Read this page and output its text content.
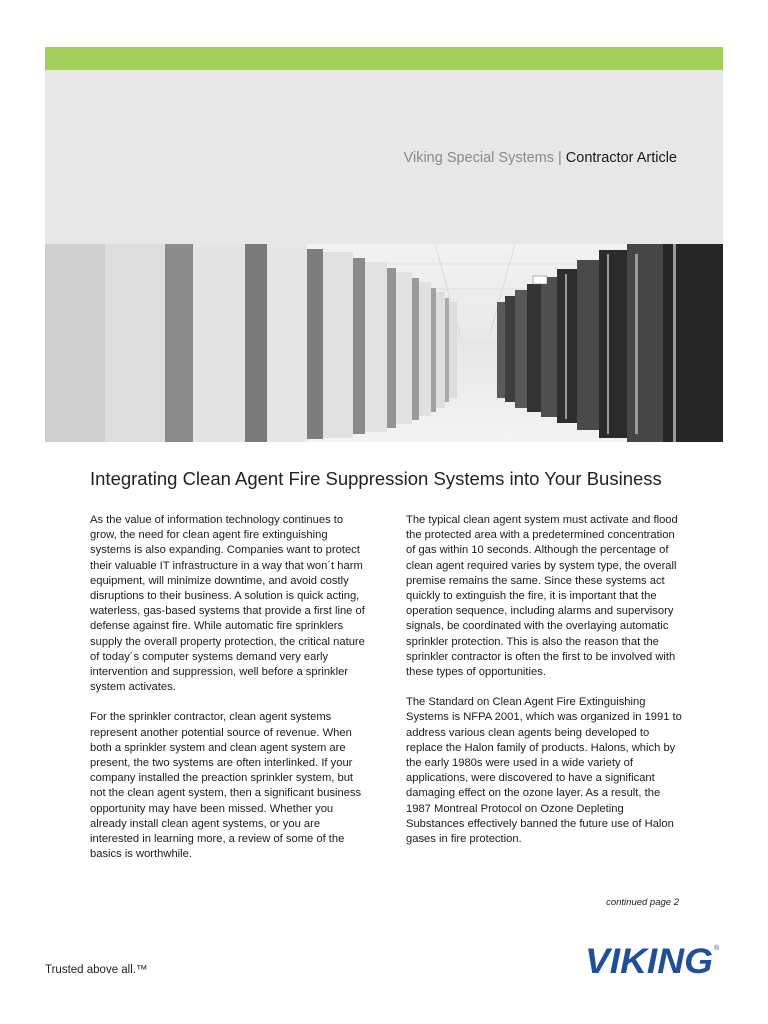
Viking Special Systems | Contractor Article
Integrating Clean Agent Fire Suppression Systems into Your Business

As the value of information technology continues to grow, the need for clean agent fire extinguishing systems is also expanding. Companies want to protect their valuable IT infrastructure in a way that won´t harm equipment, will minimize downtime, and avoid costly disruptions to their business. A solution is quick acting, waterless, gas-based systems that provide a first line of defense against fire. While automatic fire sprinklers supply the overall property protection, the critical nature of today´s computer systems demand very early intervention and suppression, well before a sprinkler system activates.

For the sprinkler contractor, clean agent systems represent another potential source of revenue. When both a sprinkler system and clean agent system are present, the two systems are often interlinked. If your company installed the preaction sprinkler system, but not the clean agent system, then a significant business opportunity may have been missed. Whether you already install clean agent systems, or you are interested in learning more, a review of some of the basics is worthwhile.

The typical clean agent system must activate and flood the protected area with a predetermined concentration of gas within 10 seconds. Although the percentage of clean agent required varies by system type, the overall premise remains the same. Since these systems act quickly to extinguish the fire, it is important that the operation sequence, including alarms and supervisory signals, be coordinated with the overlaying automatic sprinkler protection. This is also the reason that the sprinkler contractor is often the first to be involved with these types of opportunities.

The Standard on Clean Agent Fire Extinguishing Systems is NFPA 2001, which was organized in 1991 to address various clean agents being developed to replace the Halon family of products. Halons, which by the early 1980s were used in a wide variety of applications, were discovered to have a significant damaging effect on the ozone layer. As a result, the 1987 Montreal Protocol on Ozone Depleting Substances effectively banned the future use of Halon gases in fire protection.

continued page 2
Trusted above all.™	VIKING ®
